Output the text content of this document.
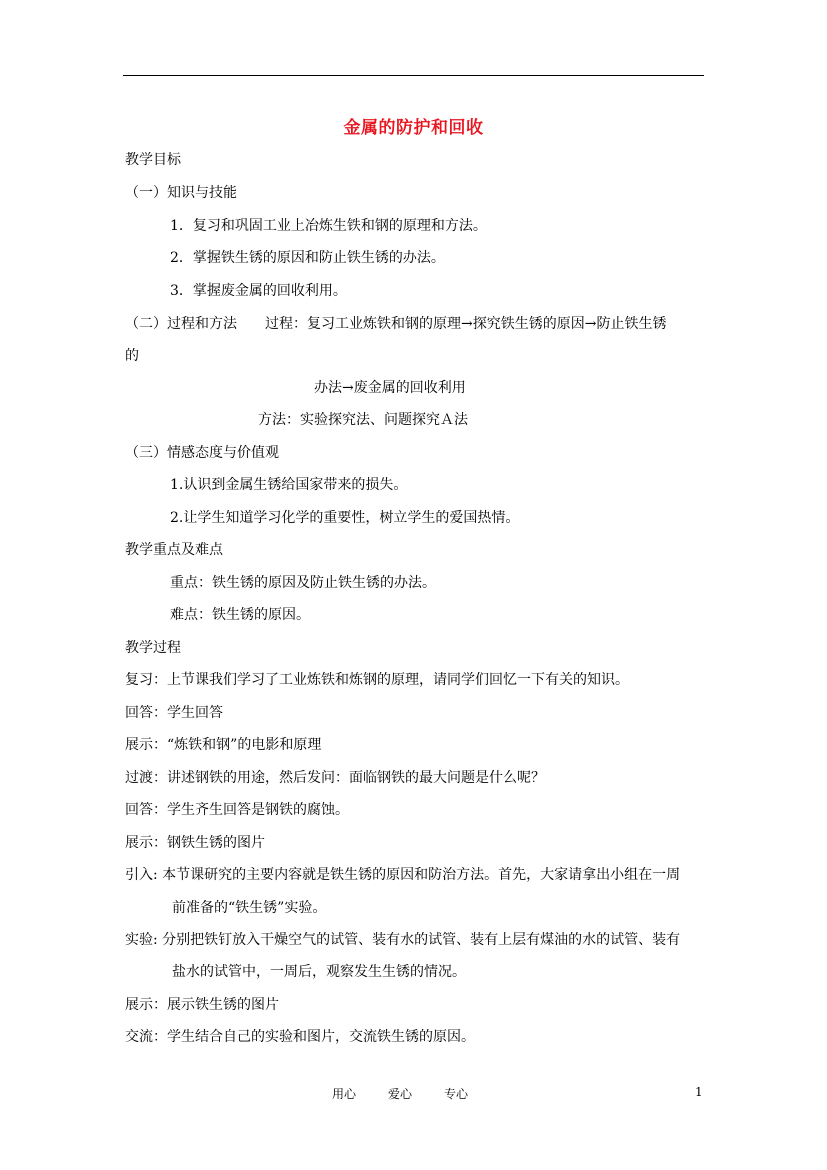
金属的防护和回收
教学目标
（一）知识与技能
1．复习和巩固工业上冶炼生铁和钢的原理和方法。
2．掌握铁生锈的原因和防止铁生锈的办法。
3．掌握废金属的回收利用。
（二）过程和方法　　过程：复习工业炼铁和钢的原理→探究铁生锈的原因→防止铁生锈
的
办法→废金属的回收利用
方法：实验探究法、问题探究Ａ法
（三）情感态度与价值观
1.认识到金属生锈给国家带来的损失。
2.让学生知道学习化学的重要性，树立学生的爱国热情。
教学重点及难点
重点：铁生锈的原因及防止铁生锈的办法。
难点：铁生锈的原因。
教学过程
复习：上节课我们学习了工业炼铁和炼钢的原理，请同学们回忆一下有关的知识。
回答：学生回答
展示：“炼铁和钢”的电影和原理
过渡：讲述钢铁的用途，然后发问：面临钢铁的最大问题是什么呢？
回答：学生齐生回答是钢铁的腐蚀。
展示：钢铁生锈的图片
引入: 本节课研究的主要内容就是铁生锈的原因和防治方法。首先，大家请拿出小组在一周
前准备的“铁生锈”实验。
实验: 分别把铁钉放入干燥空气的试管、装有水的试管、装有上层有煤油的水的试管、装有
盐水的试管中，一周后，观察发生生锈的情况。
展示：展示铁生锈的图片
交流：学生结合自己的实验和图片，交流铁生锈的原因。
用心	爱心	专心	1
